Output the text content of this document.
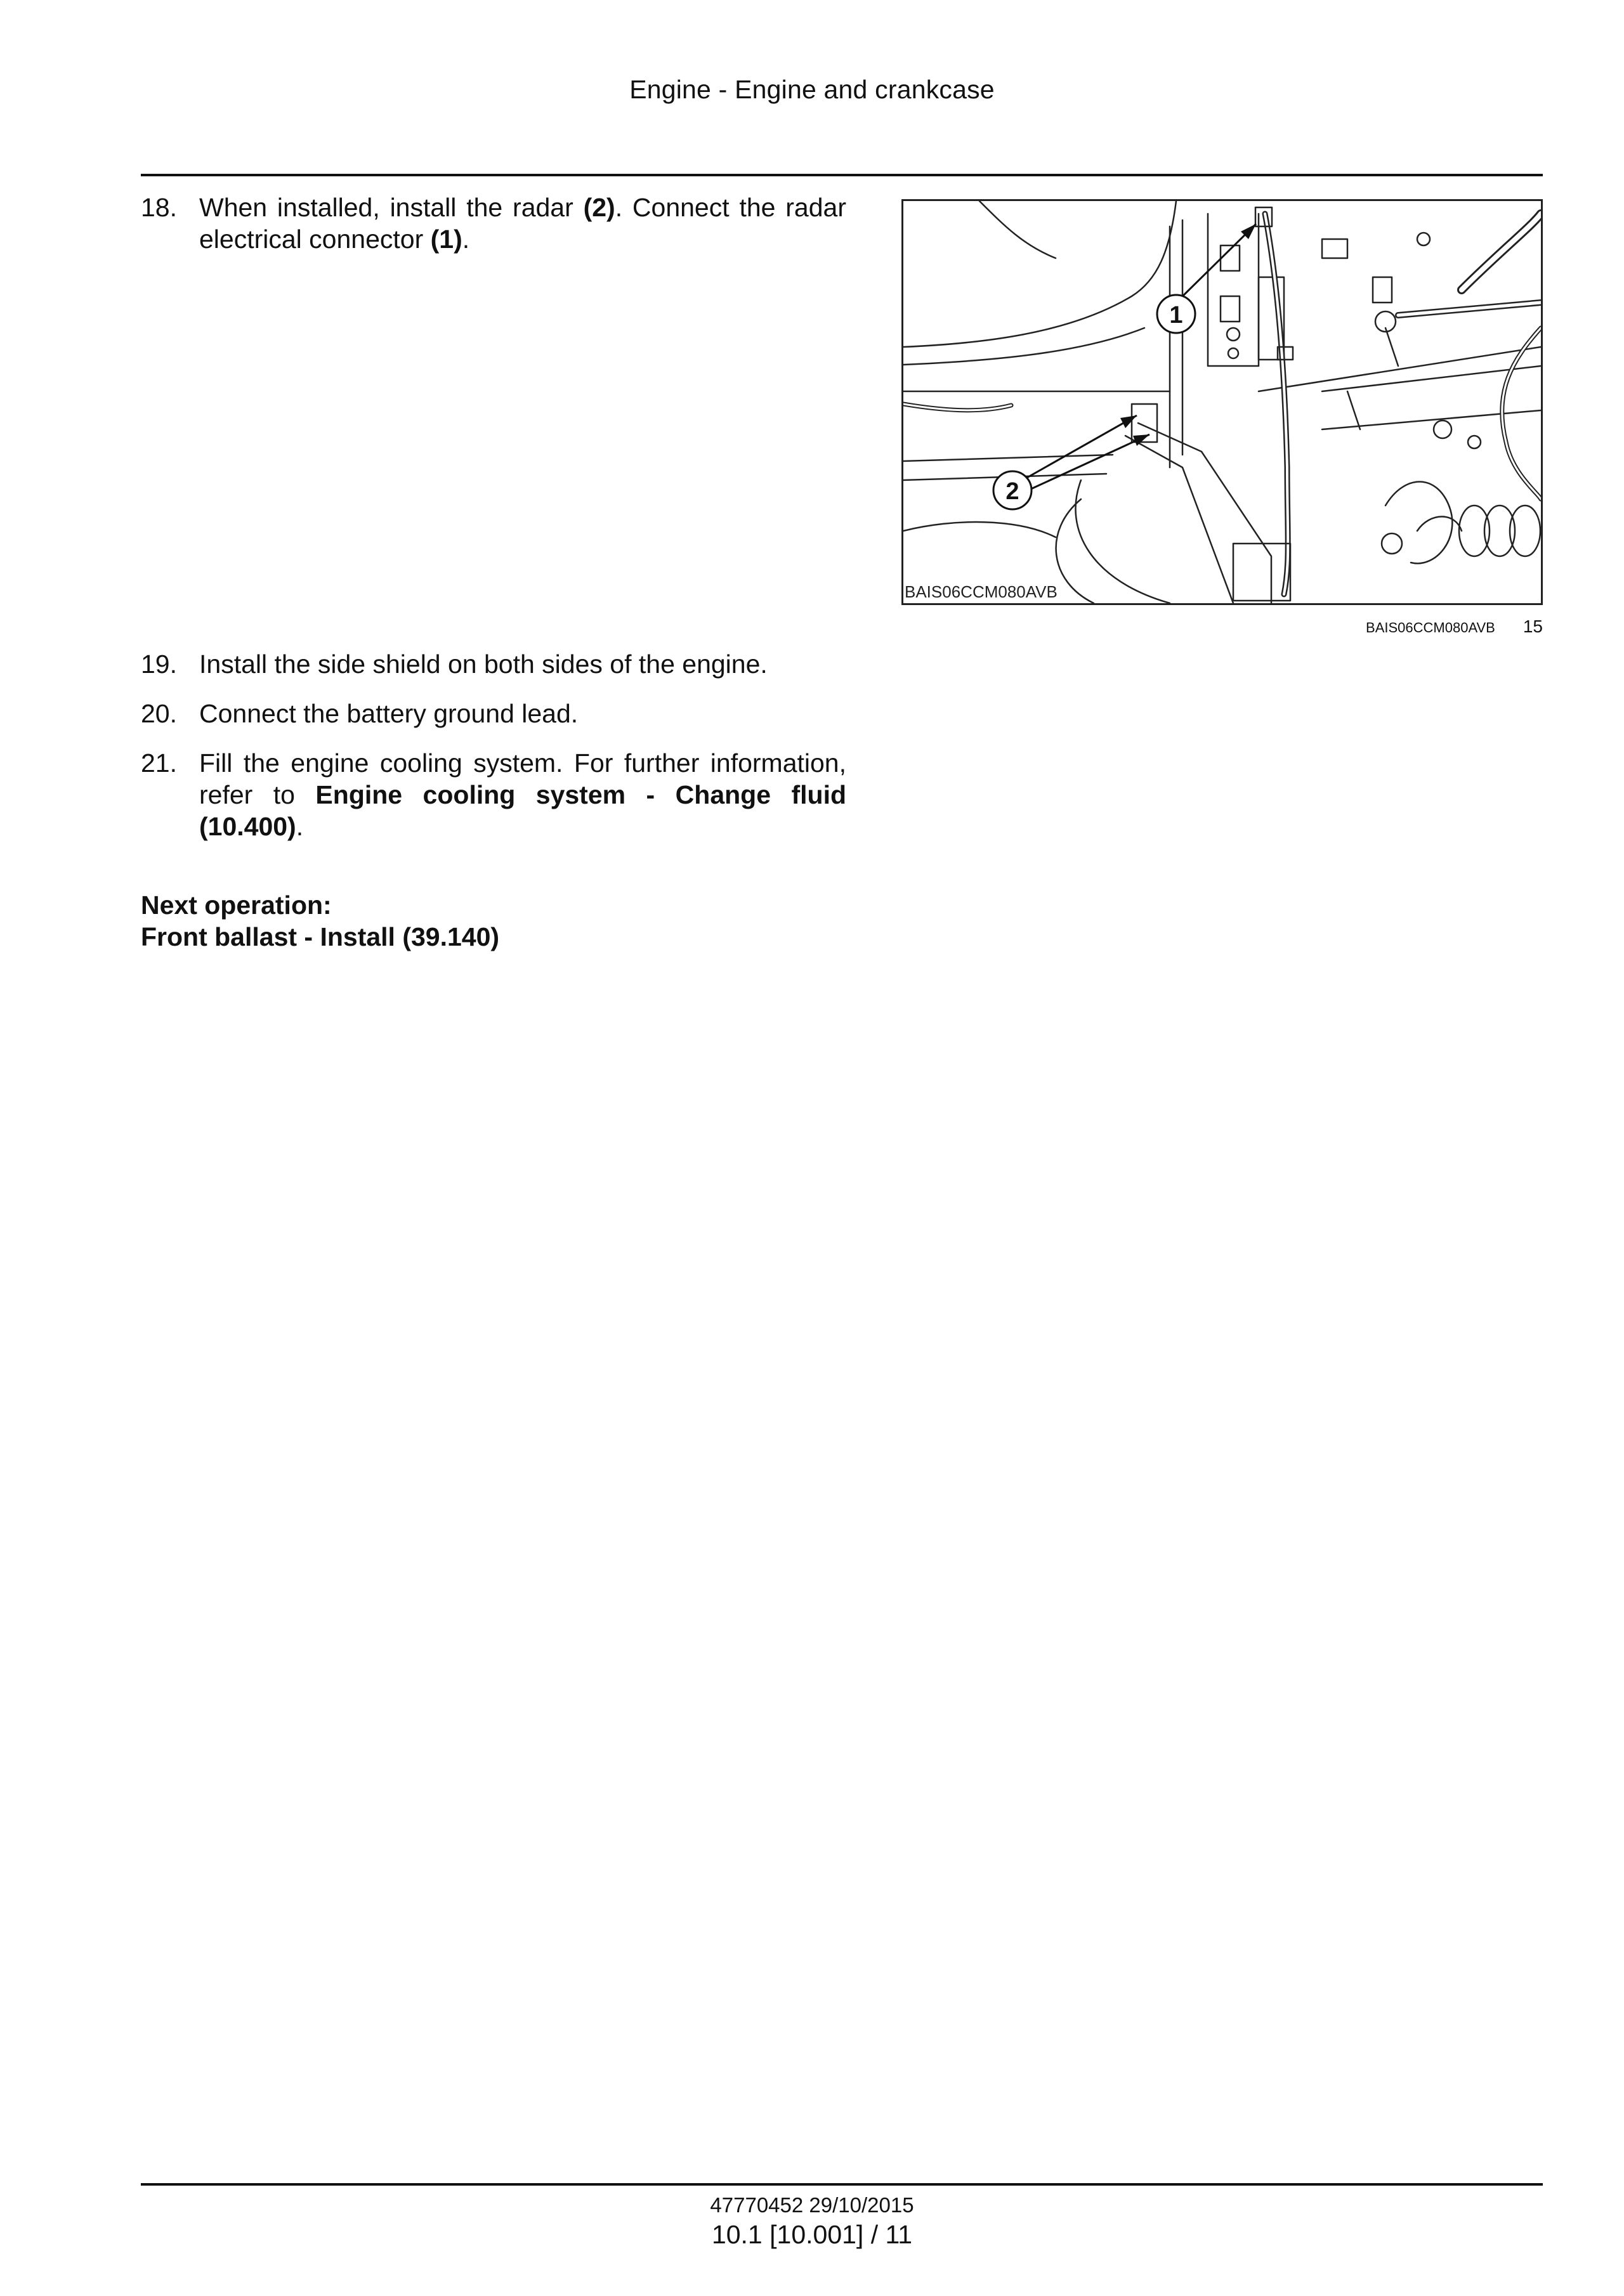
Engine - Engine and crankcase
18. When installed, install the radar (2). Connect the radar electrical connector (1).
19. Install the side shield on both sides of the engine.
20. Connect the battery ground lead.
21. Fill the engine cooling system. For further information, refer to Engine cooling system - Change fluid (10.400).
Next operation:
Front ballast - Install (39.140)
1
2
BAIS06CCM080AVB
BAIS06CCM080AVB 15
47770452 29/10/2015
10.1 [10.001] / 11
